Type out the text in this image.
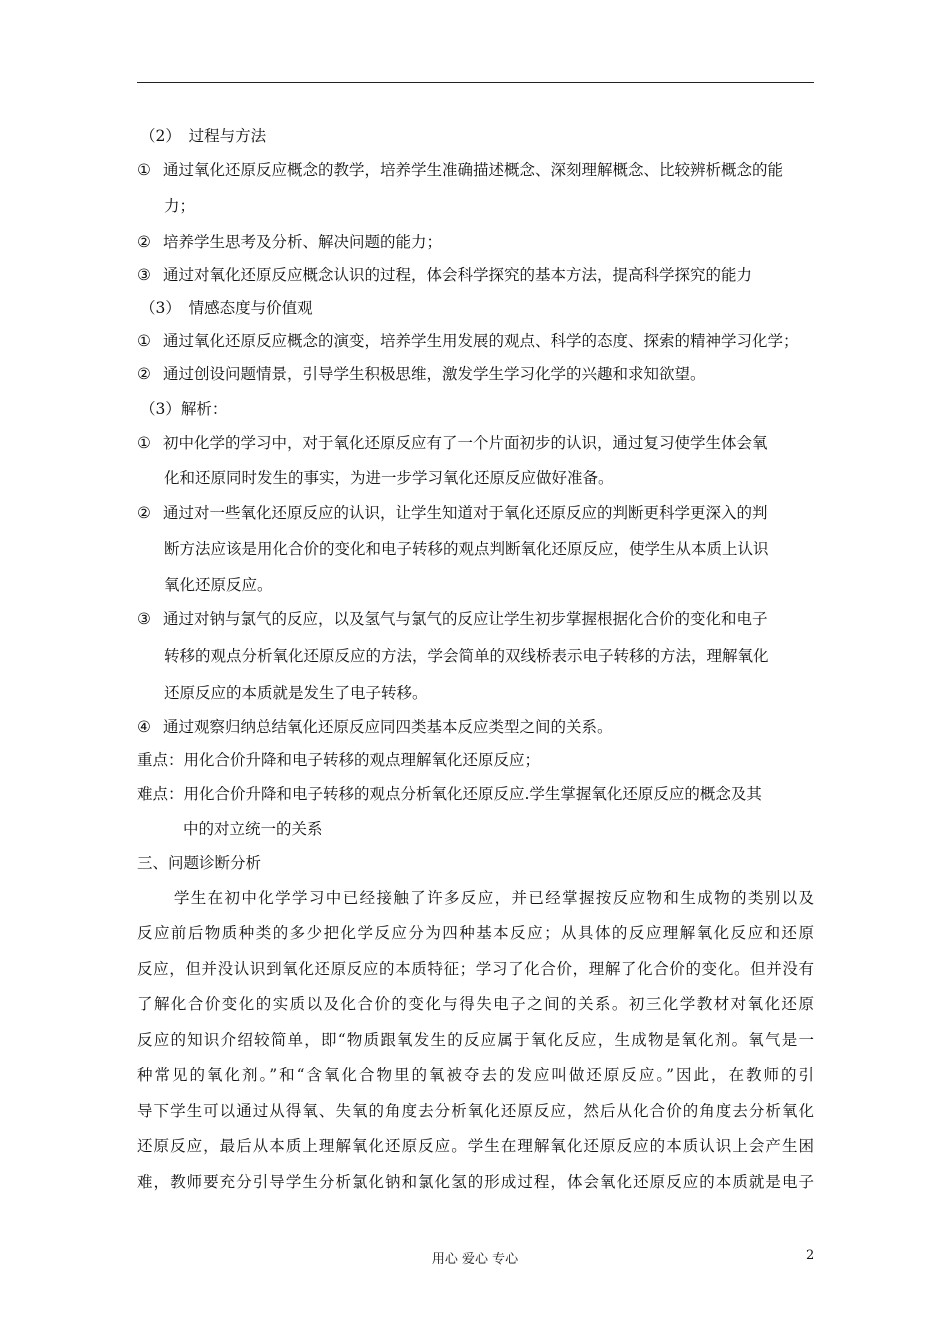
（2）　过程与方法
① 通过氧化还原反应概念的教学，培养学生准确描述概念、深刻理解概念、比较辨析概念的能
力；
② 培养学生思考及分析、解决问题的能力；
③ 通过对氧化还原反应概念认识的过程，体会科学探究的基本方法，提高科学探究的能力
（3）　情感态度与价值观
① 通过氧化还原反应概念的演变，培养学生用发展的观点、科学的态度、探索的精神学习化学；
② 通过创设问题情景，引导学生积极思维，激发学生学习化学的兴趣和求知欲望。
（3）解析：
① 初中化学的学习中，对于氧化还原反应有了一个片面初步的认识，通过复习使学生体会氧
化和还原同时发生的事实，为进一步学习氧化还原反应做好准备。
② 通过对一些氧化还原反应的认识，让学生知道对于氧化还原反应的判断更科学更深入的判
断方法应该是用化合价的变化和电子转移的观点判断氧化还原反应，使学生从本质上认识
氧化还原反应。
③ 通过对钠与氯气的反应，以及氢气与氯气的反应让学生初步掌握根据化合价的变化和电子
转移的观点分析氧化还原反应的方法，学会简单的双线桥表示电子转移的方法，理解氧化
还原反应的本质就是发生了电子转移。
④ 通过观察归纳总结氧化还原反应同四类基本反应类型之间的关系。
重点：用化合价升降和电子转移的观点理解氧化还原反应；
难点：用化合价升降和电子转移的观点分析氧化还原反应.学生掌握氧化还原反应的概念及其
中的对立统一的关系
三、问题诊断分析
　学生在初中化学学习中已经接触了许多反应，并已经掌握按反应物和生成物的类别以及
反应前后物质种类的多少把化学反应分为四种基本反应；从具体的反应理解氧化反应和还原
反应，但并没认识到氧化还原反应的本质特征；学习了化合价，理解了化合价的变化。但并没有
了解化合价变化的实质以及化合价的变化与得失电子之间的关系。初三化学教材对氧化还原
反应的知识介绍较简单，即“物质跟氧发生的反应属于氧化反应，生成物是氧化剂。氧气是一
种常见的氧化剂。”和“含氧化合物里的氧被夺去的发应叫做还原反应。”因此，在教师的引
导下学生可以通过从得氧、失氧的角度去分析氧化还原反应，然后从化合价的角度去分析氧化
还原反应，最后从本质上理解氧化还原反应。学生在理解氧化还原反应的本质认识上会产生困
难，教师要充分引导学生分析氯化钠和氯化氢的形成过程，体会氧化还原反应的本质就是电子
用心 爱心 专心	2
